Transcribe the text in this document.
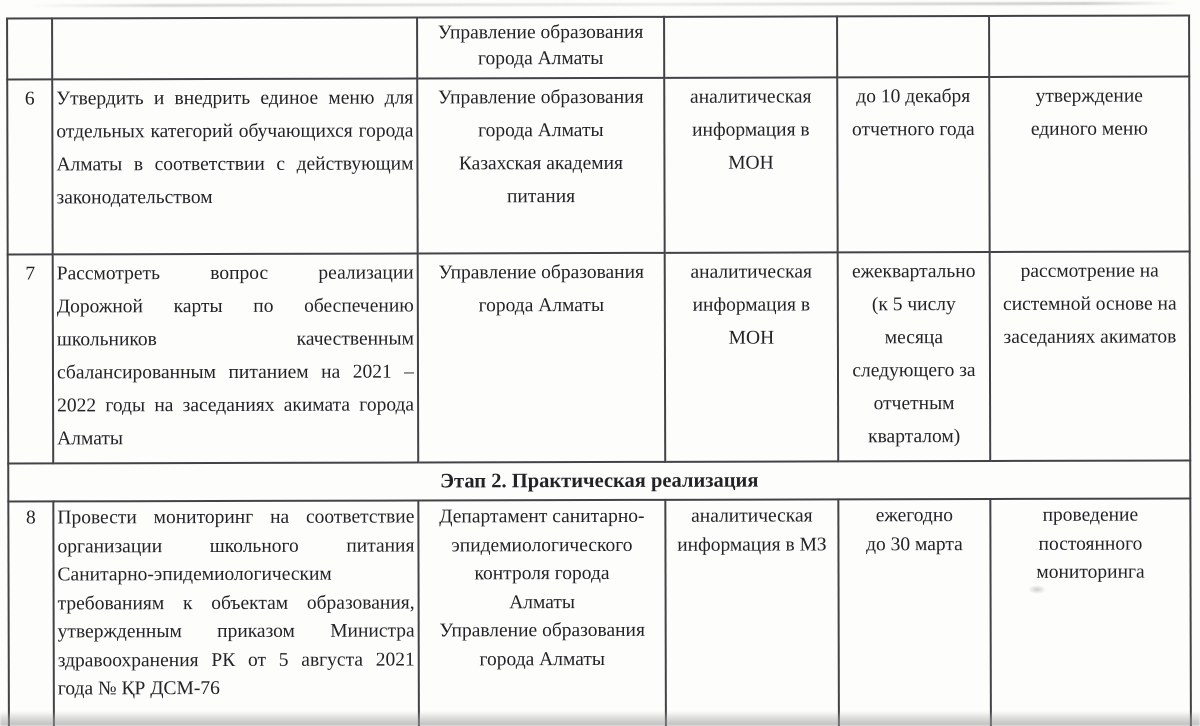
		Управление образования
города Алматы			
6	Утвердить и внедрить единое меню для отдельных категорий обучающихся города Алматы в соответствии с действующим законодательством	Управление образования
города Алматы
Казахская академия
питания	аналитическая
информация в
МОН	до 10 декабря
отчетного года	утверждение
единого меню
7	Рассмотреть вопрос реализации Дорожной карты по обеспечению школьников качественным сбалансированным питанием на 2021 – 2022 годы на заседаниях акимата города Алматы	Управление образования
города Алматы	аналитическая
информация в
МОН	ежеквартально
(к 5 числу
месяца
следующего за
отчетным
кварталом)	рассмотрение на
системной основе на
заседаниях акиматов
Этап 2. Практическая реализация					
8	Провести мониторинг на соответствие организации школьного питания Санитарно-эпидемиологическим требованиям к объектам образования, утвержденным приказом Министра здравоохранения РК от 5 августа 2021 года № ҚР ДСМ-76	Департамент санитарно-
эпидемиологического
контроля города
Алматы
Управление образования
города Алматы	аналитическая
информация в МЗ	ежегодно
до 30 марта	проведение
постоянного
мониторинга
